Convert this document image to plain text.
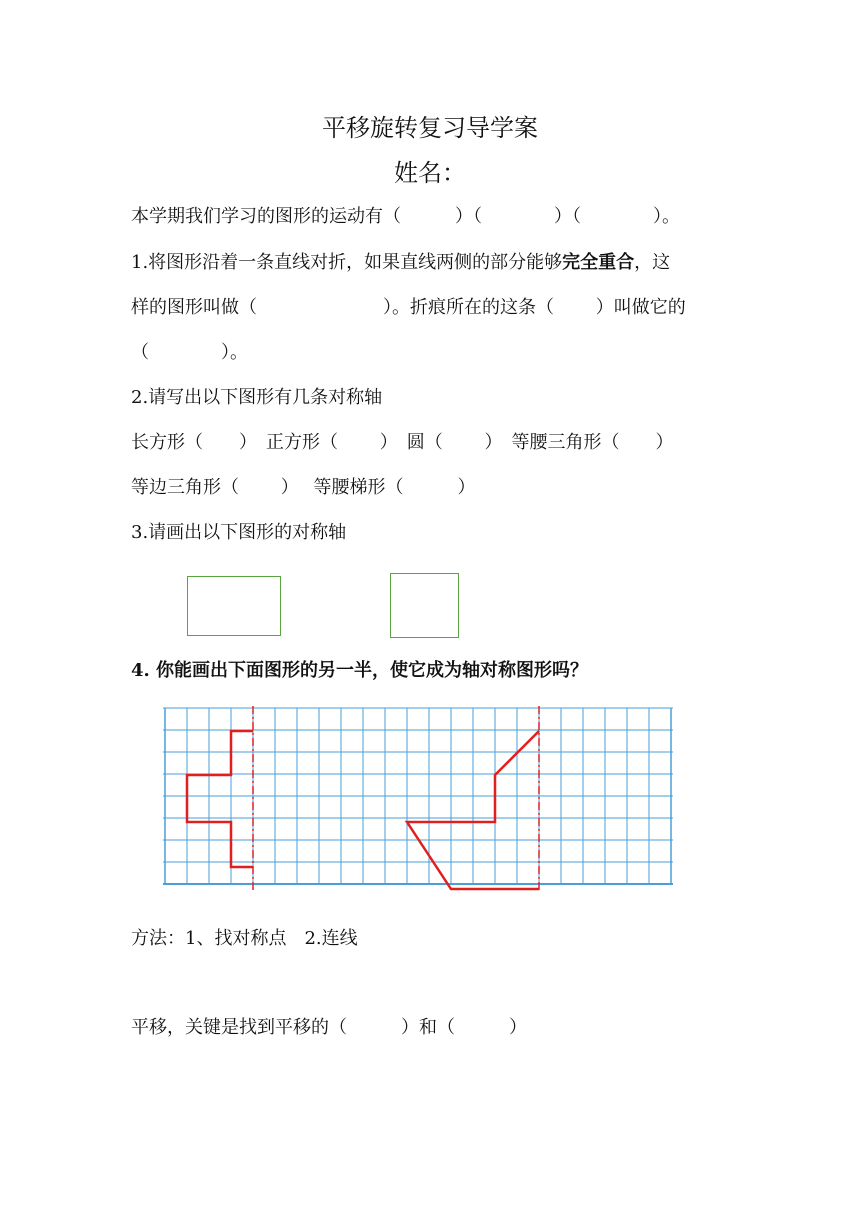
平移旋转复习导学案
姓名：
本学期我们学习的图形的运动有（　　　）（　　　　）（　　　　）。
1.将图形沿着一条直线对折，如果直线两侧的部分能够完全重合，这
样的图形叫做（　　　　　　　）。折痕所在的这条（　　 ）叫做它的
（　　　　）。
2.请写出以下图形有几条对称轴
长方形（　　）　正方形（　　 ）　圆（　　 ）　等腰三角形（　　）
等边三角形（　　 ）　 等腰梯形（　　　）
3.请画出以下图形的对称轴
4. 你能画出下面图形的另一半，使它成为轴对称图形吗？
方法：1、找对称点　2.连线
平移，关键是找到平移的（　　　）和（　　　）
